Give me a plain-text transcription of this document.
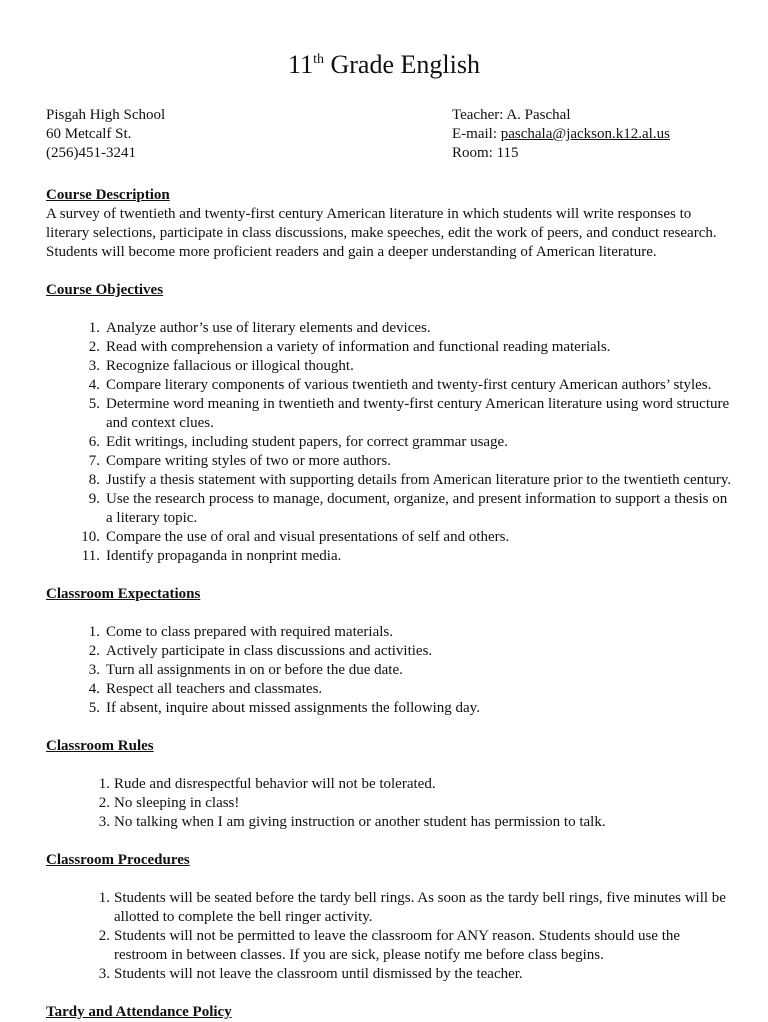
11th Grade English
Pisgah High School
60 Metcalf St.
(256)451-3241
Teacher: A. Paschal
E-mail: paschala@jackson.k12.al.us
Room: 115

Course Description

A survey of twentieth and twenty-first century American literature in which students will write responses to literary selections, participate in class discussions, make speeches, edit the work of peers, and conduct research. Students will become more proficient readers and gain a deeper understanding of American literature.

Course Objectives

1. Analyze author’s use of literary elements and devices.
2. Read with comprehension a variety of information and functional reading materials.
3. Recognize fallacious or illogical thought.
4. Compare literary components of various twentieth and twenty-first century American authors’ styles.
5. Determine word meaning in twentieth and twenty-first century American literature using word structure and context clues.
6. Edit writings, including student papers, for correct grammar usage.
7. Compare writing styles of two or more authors.
8. Justify a thesis statement with supporting details from American literature prior to the twentieth century.
9. Use the research process to manage, document, organize, and present information to support a thesis on a literary topic.
10. Compare the use of oral and visual presentations of self and others.
11. Identify propaganda in nonprint media.

Classroom Expectations

1. Come to class prepared with required materials.
2. Actively participate in class discussions and activities.
3. Turn all assignments in on or before the due date.
4. Respect all teachers and classmates.
5. If absent, inquire about missed assignments the following day.

Classroom Rules

1. Rude and disrespectful behavior will not be tolerated.
2. No sleeping in class!
3. No talking when I am giving instruction or another student has permission to talk.

Classroom Procedures

1. Students will be seated before the tardy bell rings. As soon as the tardy bell rings, five minutes will be allotted to complete the bell ringer activity.
2. Students will not be permitted to leave the classroom for ANY reason. Students should use the restroom in between classes. If you are sick, please notify me before class begins.
3. Students will not leave the classroom until dismissed by the teacher.

Tardy and Attendance Policy
